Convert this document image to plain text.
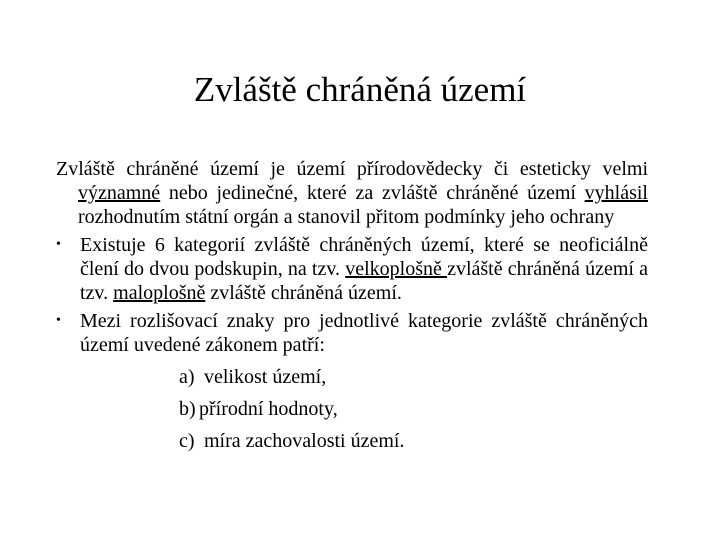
Zvláště chráněná území

Zvláště chráněné území je území přírodovědecky či esteticky velmi významné nebo jedinečné, které za zvláště chráněné území vyhlásil rozhodnutím státní orgán a stanovil přitom podmínky jeho ochrany

• Existuje 6 kategorií zvláště chráněných území, které se neoficiálně člení do dvou podskupin, na tzv. velkoplošně zvláště chráněná území a tzv. maloplošně zvláště chráněná území.

• Mezi rozlišovací znaky pro jednotlivé kategorie zvláště chráněných území uvedené zákonem patří:

a) velikost území,
b) přírodní hodnoty,
c) míra zachovalosti území.
